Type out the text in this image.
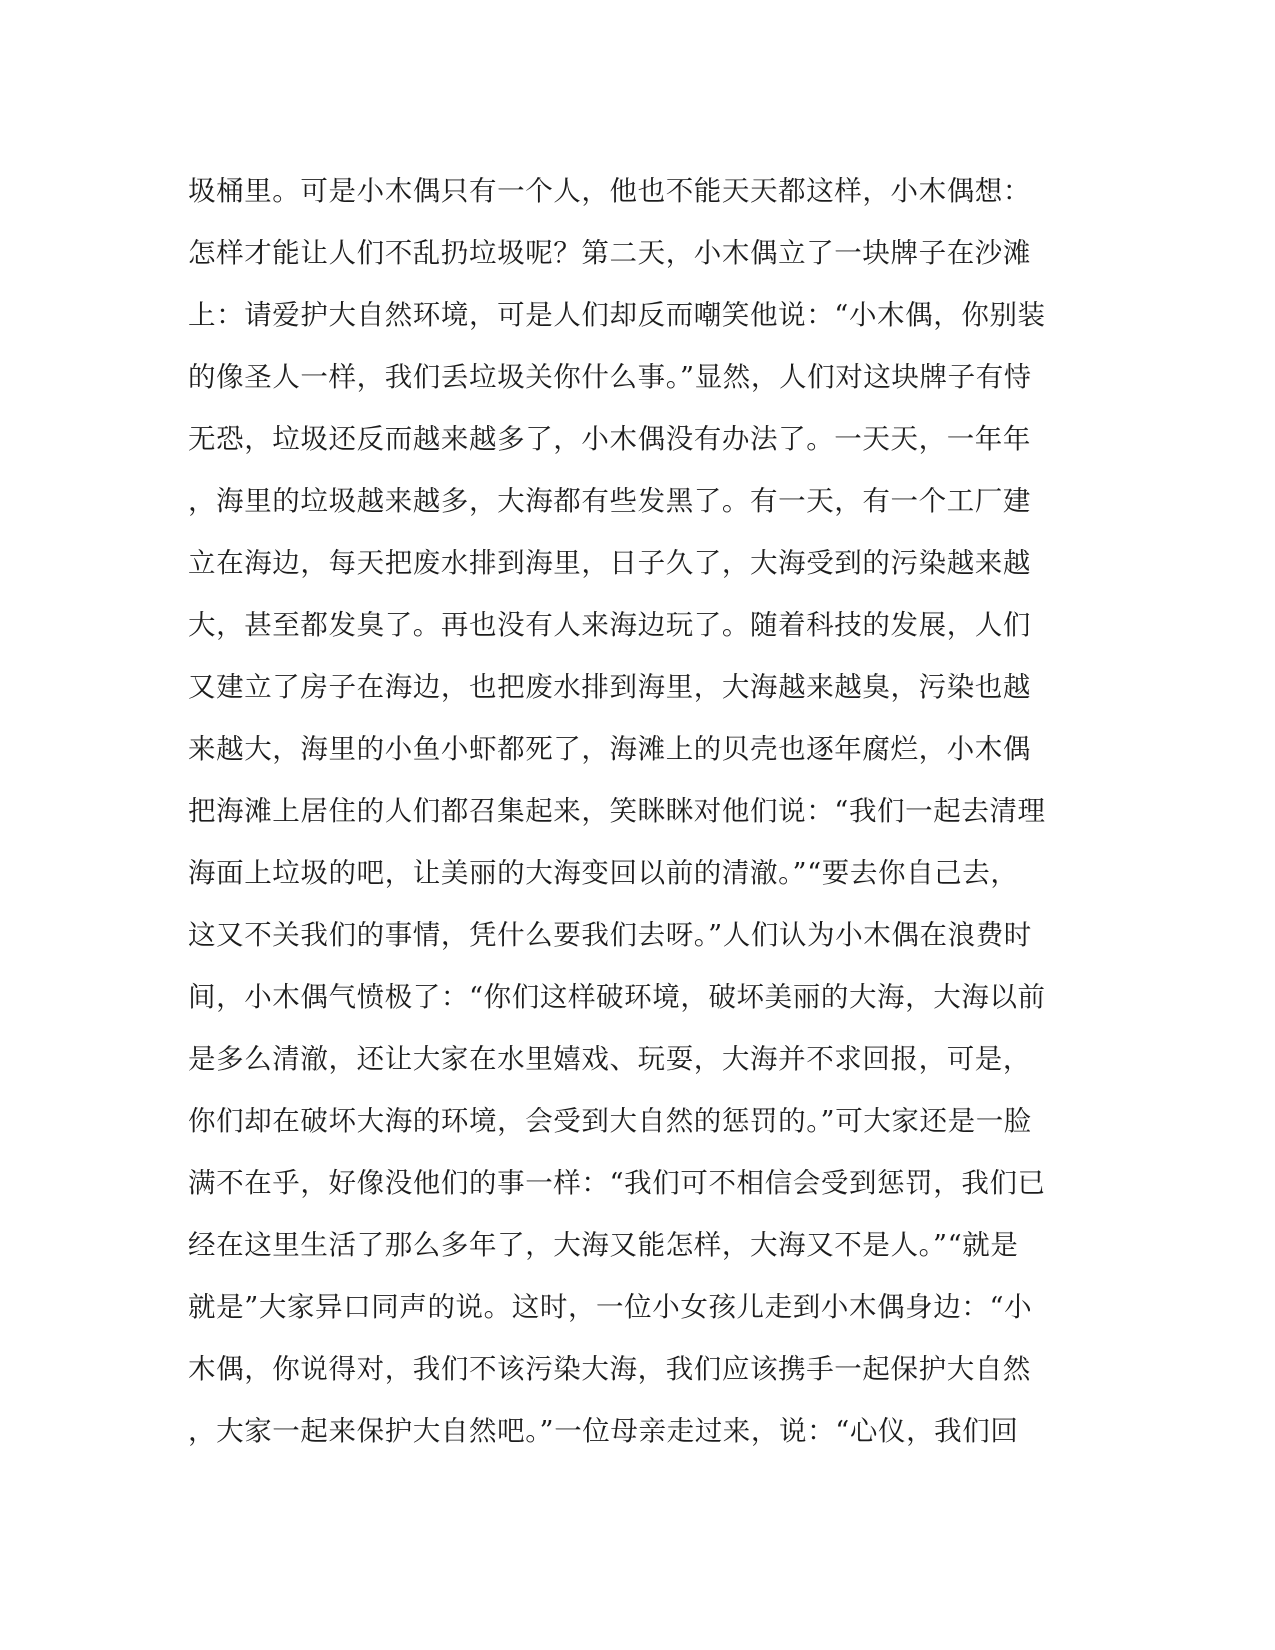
圾桶里。可是小木偶只有一个人，他也不能天天都这样，小木偶想：
怎样才能让人们不乱扔垃圾呢？第二天，小木偶立了一块牌子在沙滩
上：请爱护大自然环境，可是人们却反而嘲笑他说：“小木偶，你别装
的像圣人一样，我们丢垃圾关你什么事。”显然，人们对这块牌子有恃
无恐，垃圾还反而越来越多了，小木偶没有办法了。一天天，一年年
，海里的垃圾越来越多，大海都有些发黑了。有一天，有一个工厂建
立在海边，每天把废水排到海里，日子久了，大海受到的污染越来越
大，甚至都发臭了。再也没有人来海边玩了。随着科技的发展，人们
又建立了房子在海边，也把废水排到海里，大海越来越臭，污染也越
来越大，海里的小鱼小虾都死了，海滩上的贝壳也逐年腐烂，小木偶
把海滩上居住的人们都召集起来，笑眯眯对他们说：“我们一起去清理
海面上垃圾的吧，让美丽的大海变回以前的清澈。”“要去你自己去，
这又不关我们的事情，凭什么要我们去呀。”人们认为小木偶在浪费时
间，小木偶气愤极了：“你们这样破环境，破坏美丽的大海，大海以前
是多么清澈，还让大家在水里嬉戏、玩耍，大海并不求回报，可是，
你们却在破坏大海的环境，会受到大自然的惩罚的。”可大家还是一脸
满不在乎，好像没他们的事一样：“我们可不相信会受到惩罚，我们已
经在这里生活了那么多年了，大海又能怎样，大海又不是人。”“就是
就是”大家异口同声的说。这时，一位小女孩儿走到小木偶身边：“小
木偶，你说得对，我们不该污染大海，我们应该携手一起保护大自然
，大家一起来保护大自然吧。”一位母亲走过来，说：“心仪，我们回
